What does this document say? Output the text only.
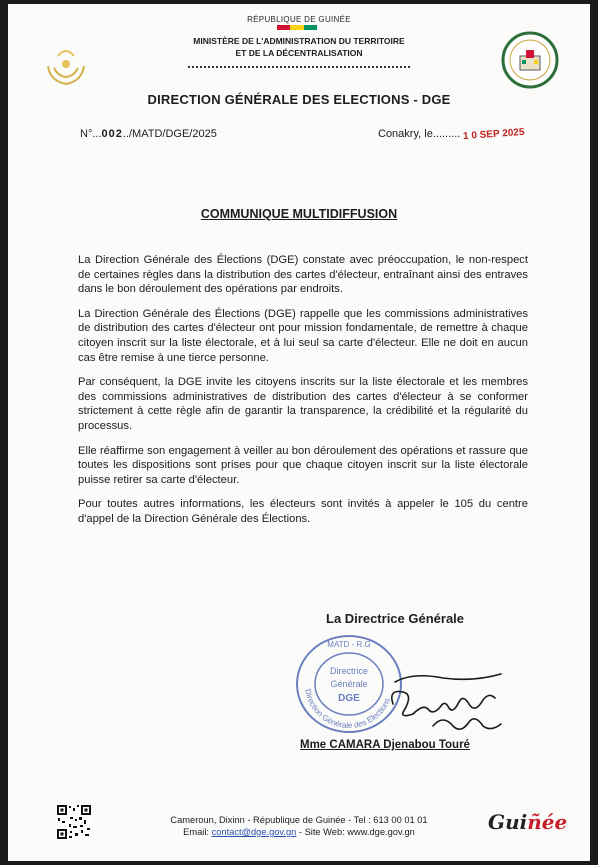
RÉPUBLIQUE DE GUINÉE
MINISTÈRE DE L'ADMINISTRATION DU TERRITOIRE
ET DE LA DÉCENTRALISATION
DIRECTION GÉNÉRALE DES ELECTIONS - DGE
N°...002../MATD/DGE/2025	Conakry, le......... 1 0 SEP 2025
COMMUNIQUE MULTIDIFFUSION

La Direction Générale des Élections (DGE) constate avec préoccupation, le non-respect de certaines règles dans la distribution des cartes d'électeur, entraînant ainsi des entraves dans le bon déroulement des opérations par endroits.

La Direction Générale des Élections (DGE) rappelle que les commissions administratives de distribution des cartes d'électeur ont pour mission fondamentale, de remettre à chaque citoyen inscrit sur la liste électorale, et à lui seul sa carte d'électeur. Elle ne doit en aucun cas être remise à une tierce personne.

Par conséquent, la DGE invite les citoyens inscrits sur la liste électorale et les membres des commissions administratives de distribution des cartes d'électeur à se conformer strictement à cette règle afin de garantir la transparence, la crédibilité et la régularité du processus.

Elle réaffirme son engagement à veiller au bon déroulement des opérations et rassure que toutes les dispositions sont prises pour que chaque citoyen inscrit sur la liste électorale puisse retirer sa carte d'électeur.

Pour toutes autres informations, les électeurs sont invités à appeler le 105 du centre d'appel de la Direction Générale des Élections.

La Directrice Générale
Direction Générale des Elections
MATD - R.G
Directrice
Générale
DGE
Mme CAMARA Djenabou Touré
Cameroun, Dixinn - République de Guinée - Tel : 613 00 01 01
Email: contact@dge.gov.gn - Site Web: www.dge.gov.gn	Guiñée
